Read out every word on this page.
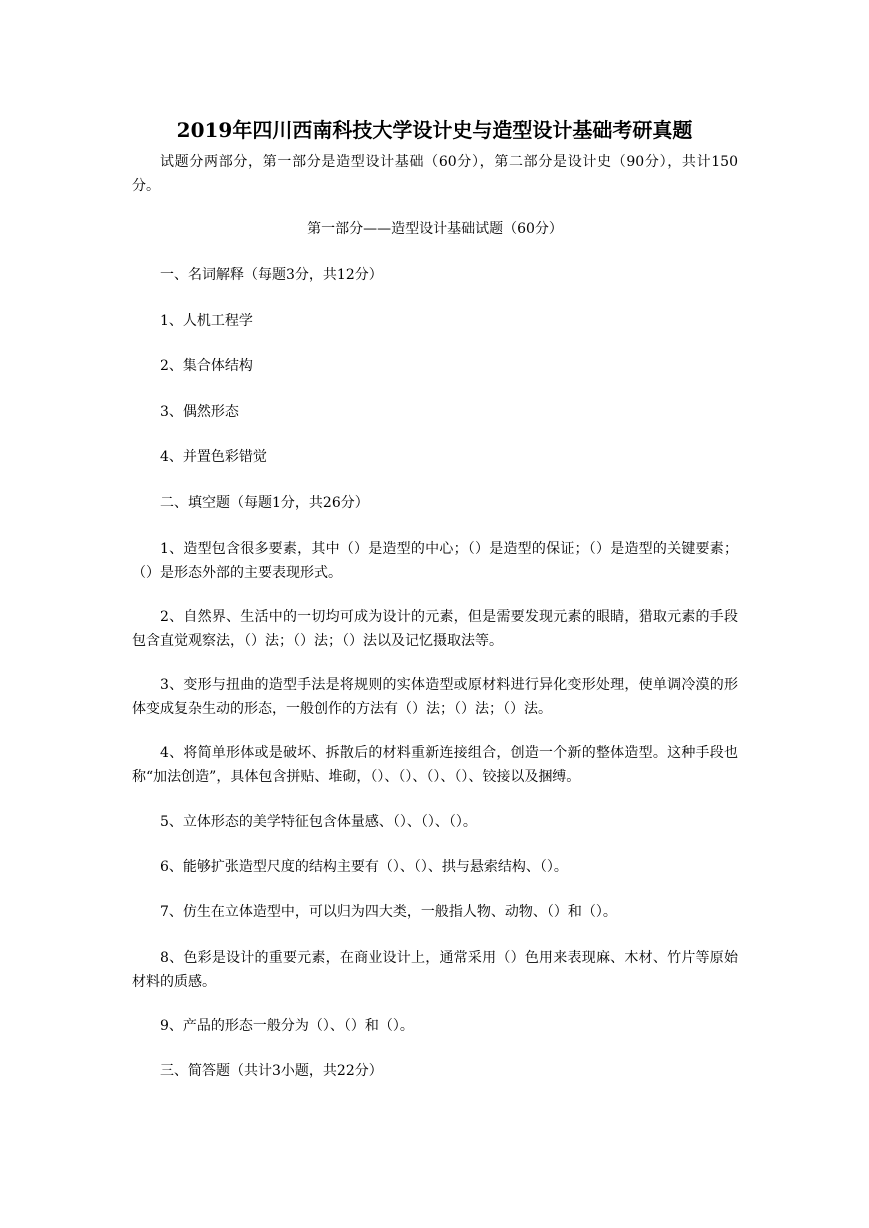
2019年四川西南科技大学设计史与造型设计基础考研真题

试题分两部分，第一部分是造型设计基础（60分），第二部分是设计史（90分），共计150分。

第一部分——造型设计基础试题（60分）

一、名词解释（每题3分，共12分）

1、人机工程学

2、集合体结构

3、偶然形态

4、并置色彩错觉

二、填空题（每题1分，共26分）

1、造型包含很多要素，其中（）是造型的中心；（）是造型的保证；（）是造型的关键要素；（）是形态外部的主要表现形式。

2、自然界、生活中的一切均可成为设计的元素，但是需要发现元素的眼睛，猎取元素的手段包含直觉观察法，（）法；（）法；（）法以及记忆摄取法等。

3、变形与扭曲的造型手法是将规则的实体造型或原材料进行异化变形处理，使单调冷漠的形体变成复杂生动的形态，一般创作的方法有（）法；（）法；（）法。

4、将简单形体或是破坏、拆散后的材料重新连接组合，创造一个新的整体造型。这种手段也称“加法创造”，具体包含拼贴、堆砌，（）、（）、（）、（）、铰接以及捆缚。

5、立体形态的美学特征包含体量感、（）、（）、（）。

6、能够扩张造型尺度的结构主要有（）、（）、拱与悬索结构、（）。

7、仿生在立体造型中，可以归为四大类，一般指人物、动物、（）和（）。

8、色彩是设计的重要元素，在商业设计上，通常采用（）色用来表现麻、木材、竹片等原始材料的质感。

9、产品的形态一般分为（）、（）和（）。

三、简答题（共计3小题，共22分）
